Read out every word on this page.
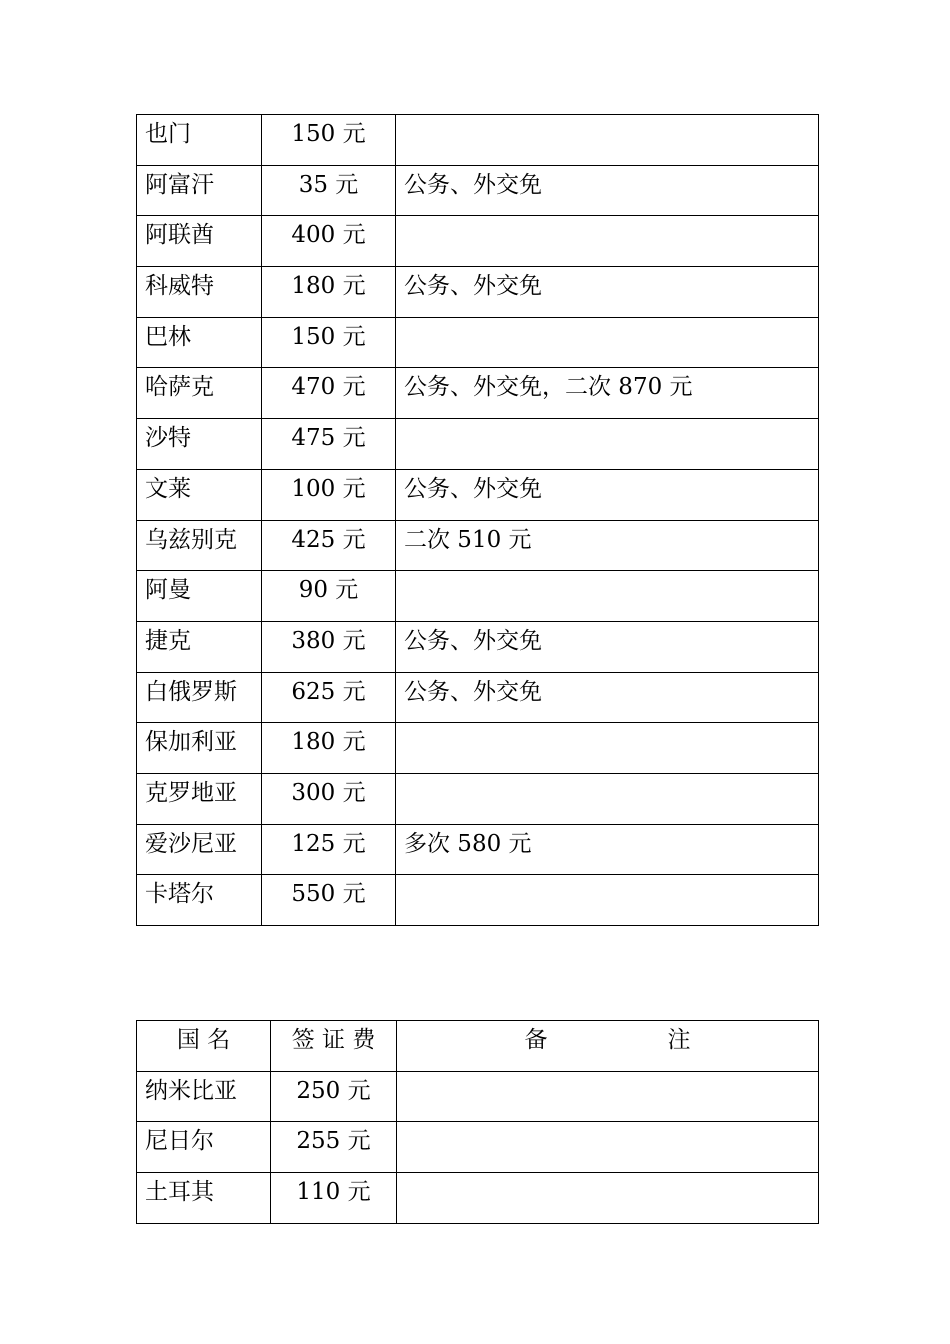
也门	150 元	
阿富汗	35 元	公务、外交免
阿联酋	400 元	
科威特	180 元	公务、外交免
巴林	150 元	
哈萨克	470 元	公务、外交免，二次 870 元
沙特	475 元	
文莱	100 元	公务、外交免
乌兹别克	425 元	二次 510 元
阿曼	90 元	
捷克	380 元	公务、外交免
白俄罗斯	625 元	公务、外交免
保加利亚	180 元	
克罗地亚	300 元	
爱沙尼亚	125 元	多次 580 元
卡塔尔	550 元	
国 名	签 证 费	备 注

纳米比亚	250 元	
尼日尔	255 元	
土耳其	110 元	
